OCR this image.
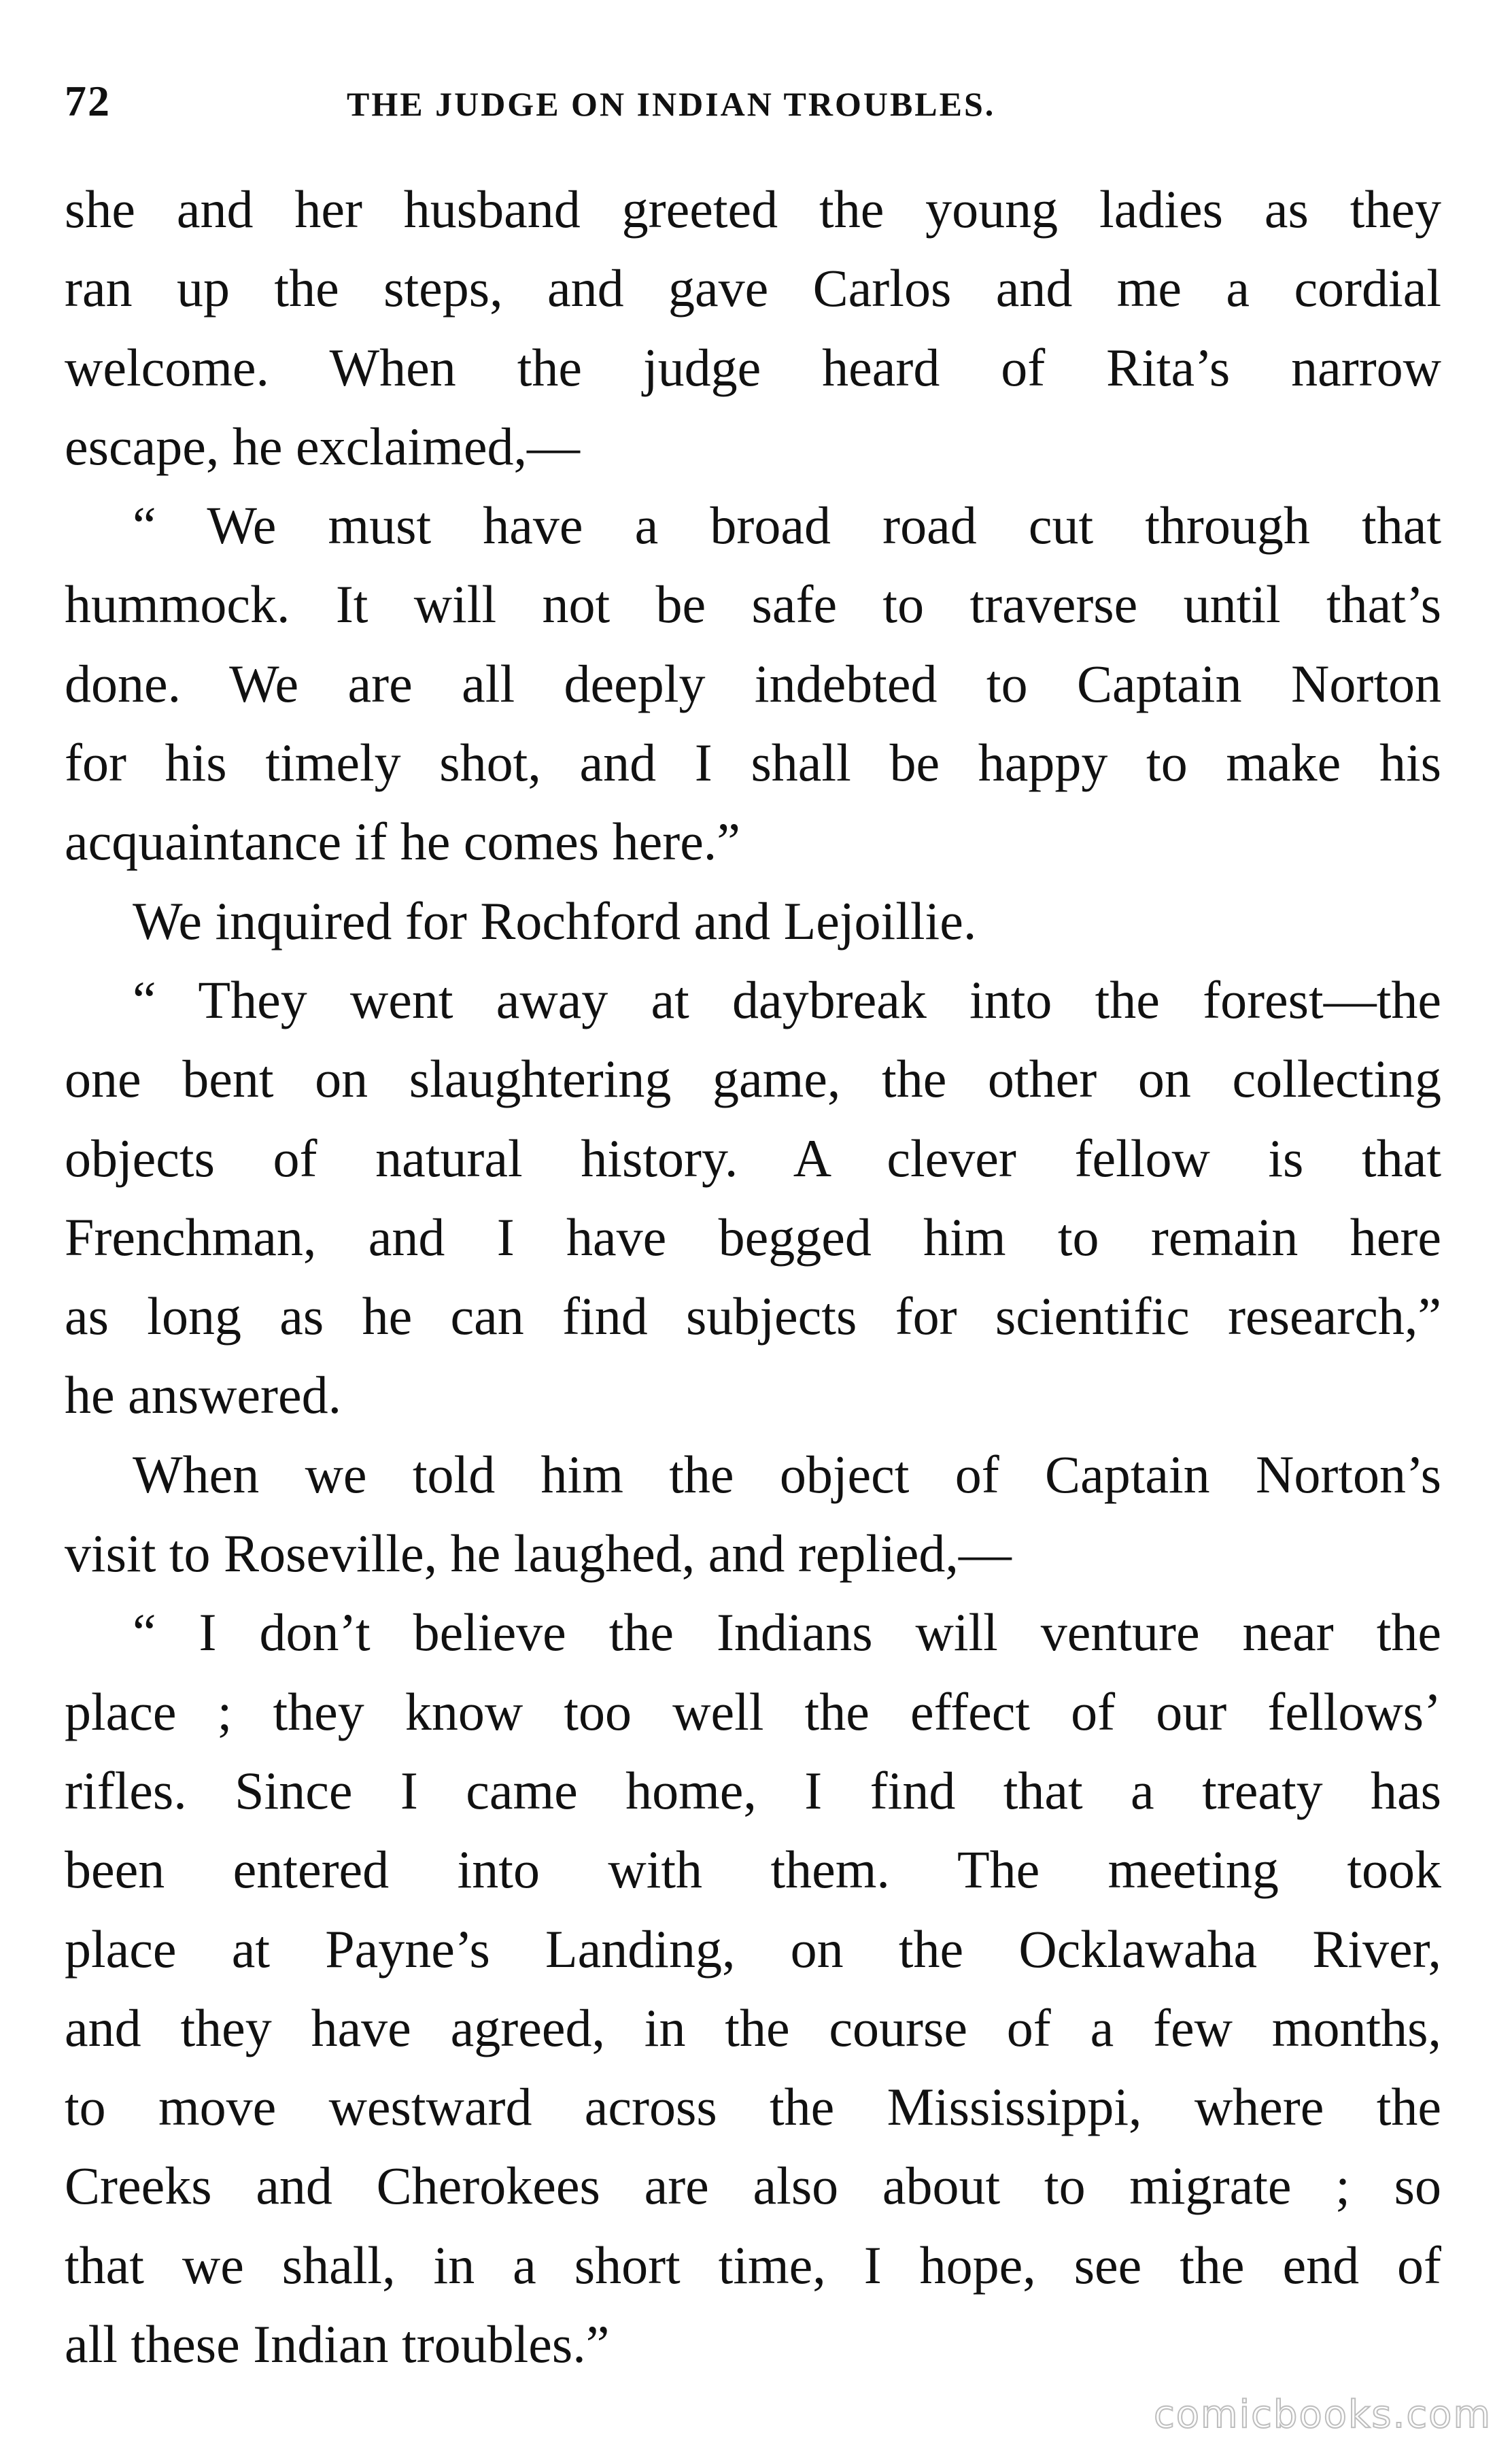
72	THE JUDGE ON INDIAN TROUBLES.
she and her husband greeted the young ladies as they
ran up the steps, and gave Carlos and me a cordial
welcome. When the judge heard of Rita’s narrow
escape, he exclaimed,—
“ We must have a broad road cut through that
hummock. It will not be safe to traverse until that’s
done. We are all deeply indebted to Captain Norton
for his timely shot, and I shall be happy to make his
acquaintance if he comes here.”
We inquired for Rochford and Lejoillie.
“ They went away at daybreak into the forest—the
one bent on slaughtering game, the other on collecting
objects of natural history. A clever fellow is that
Frenchman, and I have begged him to remain here
as long as he can find subjects for scientific research,”
he answered.
When we told him the object of Captain Norton’s
visit to Roseville, he laughed, and replied,—
“ I don’t believe the Indians will venture near the
place ; they know too well the effect of our fellows’
rifles. Since I came home, I find that a treaty has
been entered into with them. The meeting took
place at Payne’s Landing, on the Ocklawaha River,
and they have agreed, in the course of a few months,
to move westward across the Mississippi, where the
Creeks and Cherokees are also about to migrate ; so
that we shall, in a short time, I hope, see the end of
all these Indian troubles.”
comicbooks.com
